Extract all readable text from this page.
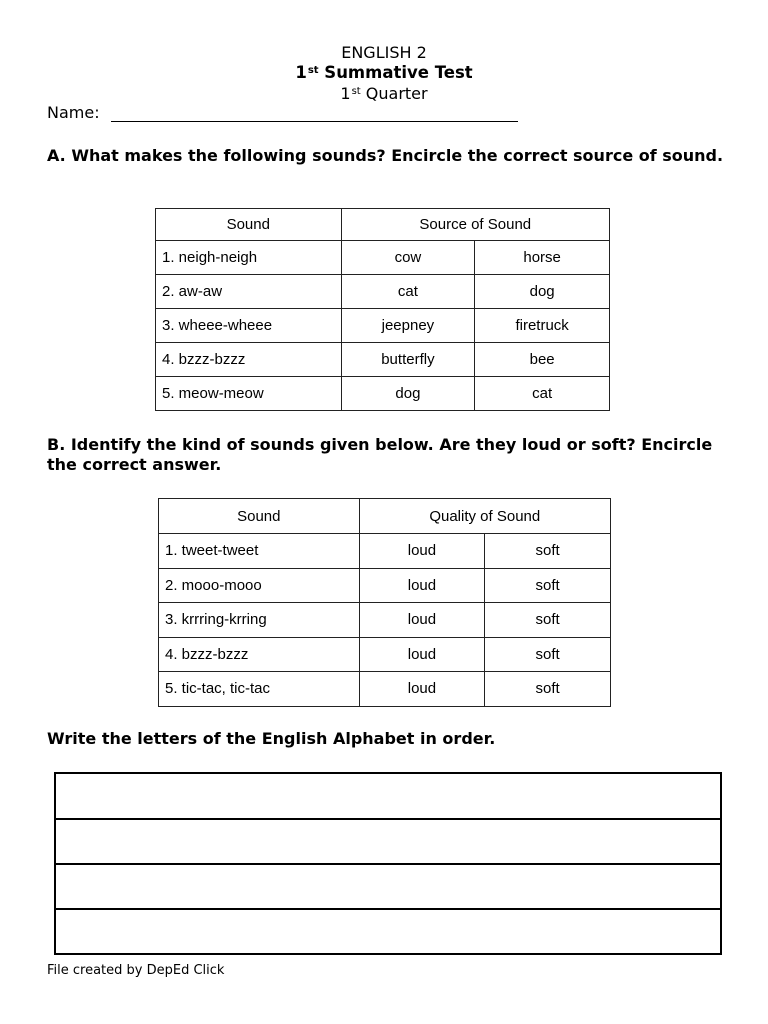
ENGLISH 2
1st Summative Test
1st Quarter
Name:
A. What makes the following sounds? Encircle the correct source of sound.
Sound	Source of Sound	
1. neigh-neigh	cow	horse
2. aw-aw	cat	dog
3. wheee-wheee	jeepney	firetruck
4. bzzz-bzzz	butterfly	bee
5. meow-meow	dog	cat
B. Identify the kind of sounds given below. Are they loud or soft? Encircle the correct answer.
Sound	Quality of Sound	
1. tweet-tweet	loud	soft
2. mooo-mooo	loud	soft
3. krrring-krring	loud	soft
4. bzzz-bzzz	loud	soft
5. tic-tac, tic-tac	loud	soft
Write the letters of the English Alphabet in order.
File created by DepEd Click
